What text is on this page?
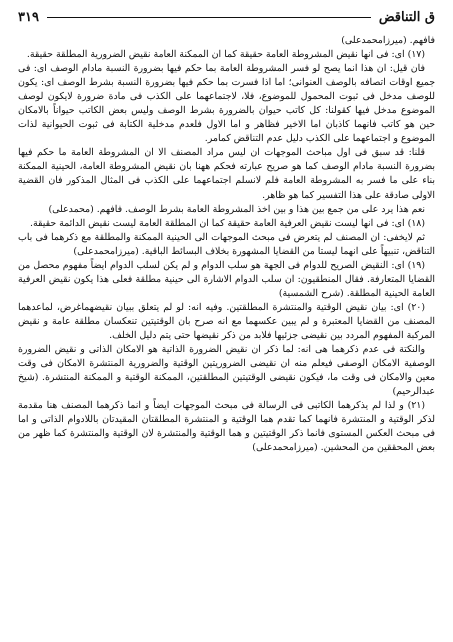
ق التناقض
٣١٩

فافهم. (ميرزامحمدعلى)

(١٧) اى: فى انها نقيض المشروطة العامة حقيقة كما ان الممكنة العامة نقيض الضرورية المطلقة حقيقة.

فان قيل: ان هذا انما يصح لو فسر المشروطة العامة بما حكم فيها بضرورة النسبة مادام الوصف اى: فى جميع اوقات اتصافه بالوصف العنوانى؛ اما اذا فسرت بما حكم فيها بضرورة النسبة بشرط الوصف اى: يكون للوصف مدخل فى ثبوت المحمول للموضوع، فلا، لاجتماعهما على الكذب فى مادة ضرورة لايكون لوصف الموضوع مدخل فيها كقولنا: كل كاتب حيوان بالضرورة بشرط الوصف وليس بعض الكاتب حيواناً بالامكان حين هو كاتب فانهما كاذبان اما الاخير فظاهر و اما الاول فلعدم مدخلية الكتابة فى ثبوت الحيوانية لذات الموضوع و اجتماعهما على الكذب دليل عدم التناقض كمامر.

قلنا: قد سبق فى اول مباحث الموجهات ان ليس مراد المصنف الا ان المشروطة العامة ما حكم فيها بضرورة النسبة مادام الوصف كما هو صريح عبارته فحكم ههنا بان نقيض المشروطة العامة، الحينية الممكنة بناء على ما فسر به المشروطة العامة فلم لانسلم اجتماعهما على الكذب فى المثال المذكور فان القضية الاولى صادقة على هذا التفسير كما هو ظاهر.

نعم هذا يرد على من جمع بين هذا و بين اخذ المشروطة العامة بشرط الوصف. فافهم. (محمدعلى)

(١٨) اى: فى انها ليست نقيض العرفية العامة حقيقة كما ان المطلقة العامة ليست نقيض الدائمة حقيقة.

ثم لايخفى: ان المصنف لم يتعرض فى مبحث الموجهات الى الحينية الممكنة والمطلقة مع ذكرهما فى باب التناقض، تنبيهاً على انهما ليستا من القضايا المشهورة بخلاف البسائط الباقية. (ميرزامحمدعلى)

(١٩) اى: النقيض الصريح للدوام فى الجهة هو سلب الدوام و لم يكن لسلب الدوام ايضاً مفهوم محصل من القضايا المتعارفة. فقال المنطقيون: ان سلب الدوام الاشارة الى حينية مطلقة فعلى هذا يكون نقيض العرفية العامة الحينية المطلقة. (شرح الشمسية)

(٢٠) اى: بيان نقيض الوقتية والمنتشرة المطلقتين. وفيه انه: لو لم يتعلق ببيان نقيضهماغرض، لماعدهما المصنف من القضايا المعتبرة و لم يبين عكسهما مع انه صرح بان الوقتيتين تنعكسان مطلقة عامة و نقيض المركبة المفهوم المردد بين نقيضى جزئيها فلابد من ذكر نقيضها حتى يتم دليل الخلف.

والنكتة فى عدم ذكرهما هى انه: لما ذكر ان نقيض الضرورة الذاتية هو الامكان الذاتى و نقيض الضرورة الوصفية الامكان الوصفى فيعلم منه ان نقيضى الضروريتين الوقتية والضرورية المنتشرة الامكان فى وقت معين والامكان فى وقت ما، فيكون نقيضى الوقتيتين المطلقتين، الممكنة الوقتية و الممكنة المنتشرة. (شيخ عبدالرحيم)

(٢١) و لذا لم يذكرهما الكاتبى فى الرسالة فى مبحث الموجهات ايضاً و انما ذكرهما المصنف هنا مقدمة لذكر الوقتية و المنتشرة فانهما كما تقدم هما الوقتية و المنتشرة المطلقتان المقيدتان باللادوام الذاتى و اما فى مبحث العكس المستوى فانما ذكر الوقتيتين و هما الوقتية والمنتشرة لان الوقتية والمنتشرة كما ظهر من بعض المحققين من المحشين. (ميرزامحمدعلى)
